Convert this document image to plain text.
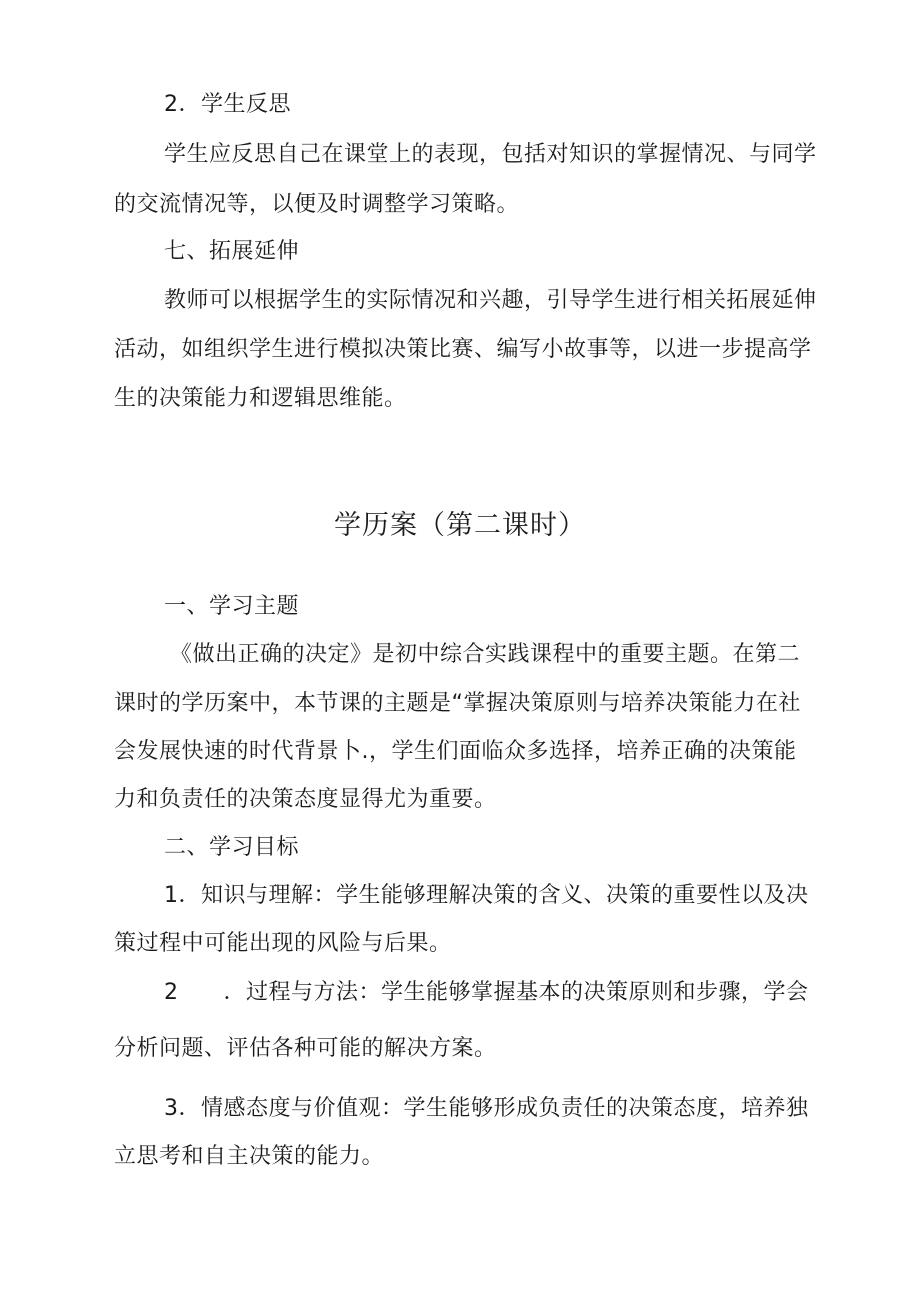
2．学生反思
学生应反思自己在课堂上的表现，包括对知识的掌握情况、与同学
的交流情况等，以便及时调整学习策略。
七、拓展延伸
教师可以根据学生的实际情况和兴趣，引导学生进行相关拓展延伸
活动，如组织学生进行模拟决策比赛、编写小故事等，以进一步提高学
生的决策能力和逻辑思维能。
学历案（第二课时）
一、学习主题
《做出正确的决定》是初中综合实践课程中的重要主题。在第二
课时的学历案中，本节课的主题是“掌握决策原则与培养决策能力在社
会发展快速的时代背景卜.，学生们面临众多选择，培养正确的决策能
力和负责任的决策态度显得尤为重要。
二、学习目标
1．知识与理解：学生能够理解决策的含义、决策的重要性以及决
策过程中可能出现的风险与后果。
2　　．过程与方法：学生能够掌握基本的决策原则和步骤，学会
分析问题、评估各种可能的解决方案。
3．情感态度与价值观：学生能够形成负责任的决策态度，培养独
立思考和自主决策的能力。
